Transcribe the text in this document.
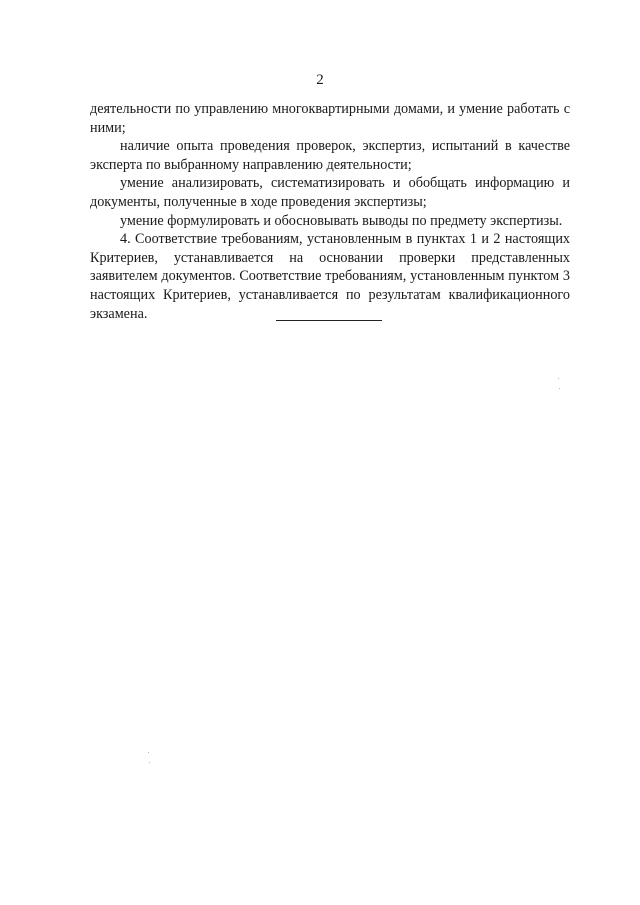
2

деятельности по управлению многоквартирными домами, и умение работать с ними;

наличие опыта проведения проверок, экспертиз, испытаний в качестве эксперта по выбранному направлению деятельности;

умение анализировать, систематизировать и обобщать информацию и документы, полученные в ходе проведения экспертизы;

умение формулировать и обосновывать выводы по предмету экспертизы.

4. Соответствие требованиям, установленным в пунктах 1 и 2 настоящих Критериев, устанавливается на основании проверки представленных заявителем документов. Соответствие требованиям, установленным пунктом 3 настоящих Критериев, устанавливается по результатам квалификационного экзамена.
